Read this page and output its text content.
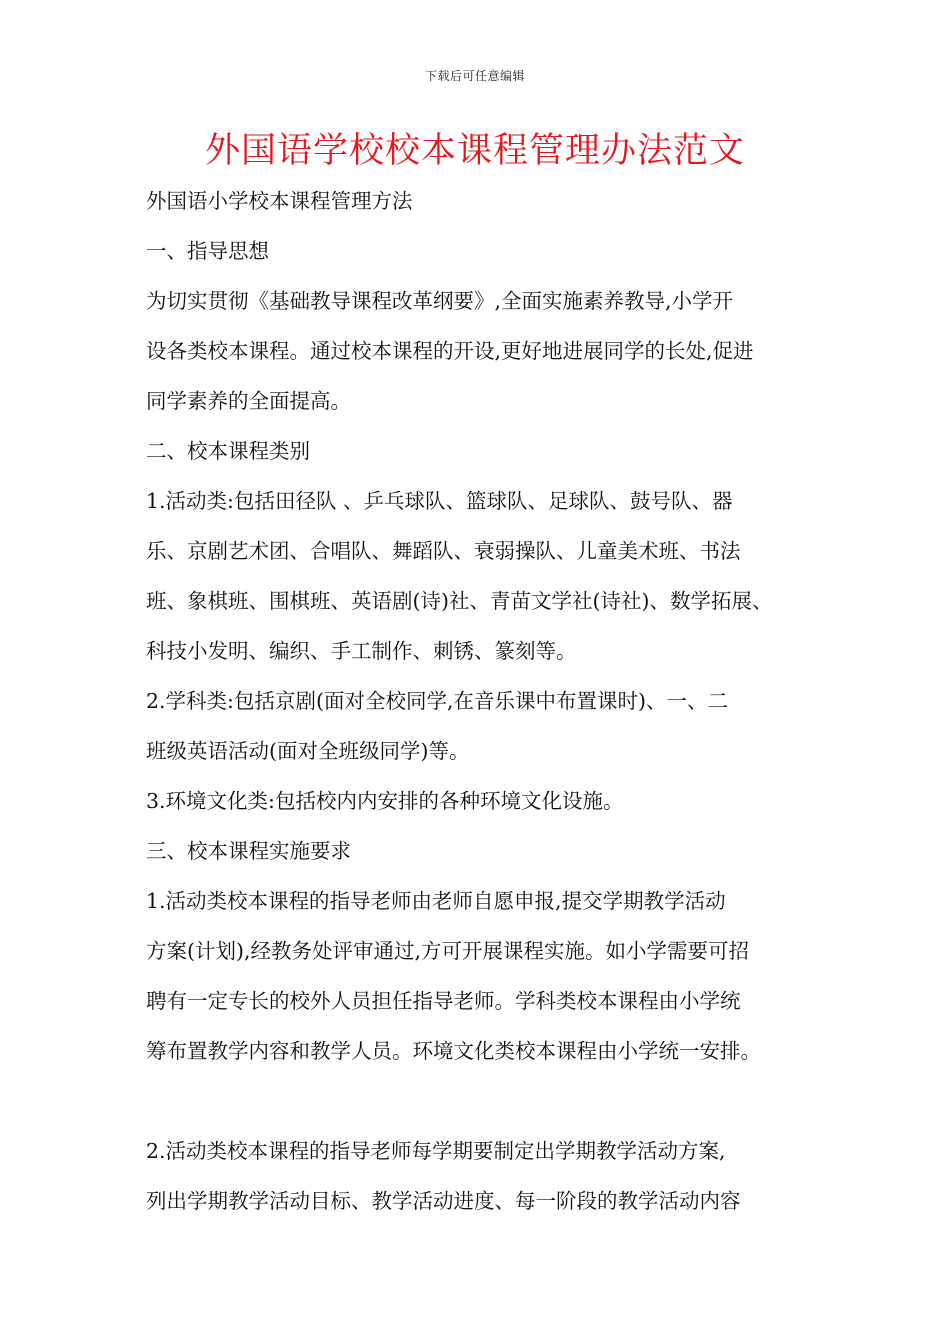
下载后可任意编辑
外国语学校校本课程管理办法范文
外国语小学校本课程管理方法
一、指导思想
为切实贯彻《基础教导课程改革纲要》,全面实施素养教导,小学开
设各类校本课程。通过校本课程的开设,更好地进展同学的长处,促进
同学素养的全面提高。
二、校本课程类别
1.活动类:包括田径队 、乒乓球队、篮球队、足球队、鼓号队、器
乐、京剧艺术团、合唱队、舞蹈队、衰弱操队、儿童美术班、书法
班、象棋班、围棋班、英语剧(诗)社、青苗文学社(诗社)、数学拓展、
科技小发明、编织、手工制作、刺锈、篆刻等。
2.学科类:包括京剧(面对全校同学,在音乐课中布置课时)、一、二
班级英语活动(面对全班级同学)等。
3.环境文化类:包括校内内安排的各种环境文化设施。
三、校本课程实施要求
1.活动类校本课程的指导老师由老师自愿申报,提交学期教学活动
方案(计划),经教务处评审通过,方可开展课程实施。如小学需要可招
聘有一定专长的校外人员担任指导老师。学科类校本课程由小学统
筹布置教学内容和教学人员。环境文化类校本课程由小学统一安排。
2.活动类校本课程的指导老师每学期要制定出学期教学活动方案,
列出学期教学活动目标、教学活动进度、每一阶段的教学活动内容
